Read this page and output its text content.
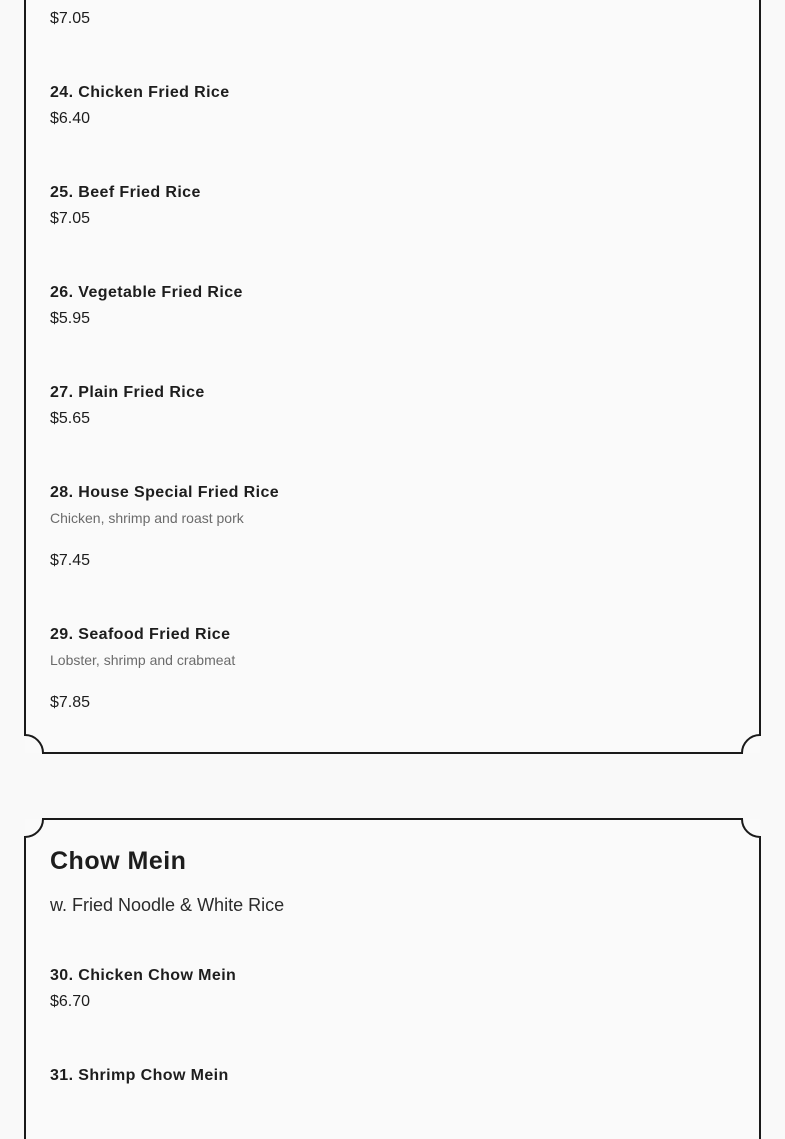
$7.05
24. Chicken Fried Rice
$6.40
25. Beef Fried Rice
$7.05
26. Vegetable Fried Rice
$5.95
27. Plain Fried Rice
$5.65
28. House Special Fried Rice
Chicken, shrimp and roast pork
$7.45
29. Seafood Fried Rice
Lobster, shrimp and crabmeat
$7.85
Chow Mein
w. Fried Noodle & White Rice
30. Chicken Chow Mein
$6.70
31. Shrimp Chow Mein
